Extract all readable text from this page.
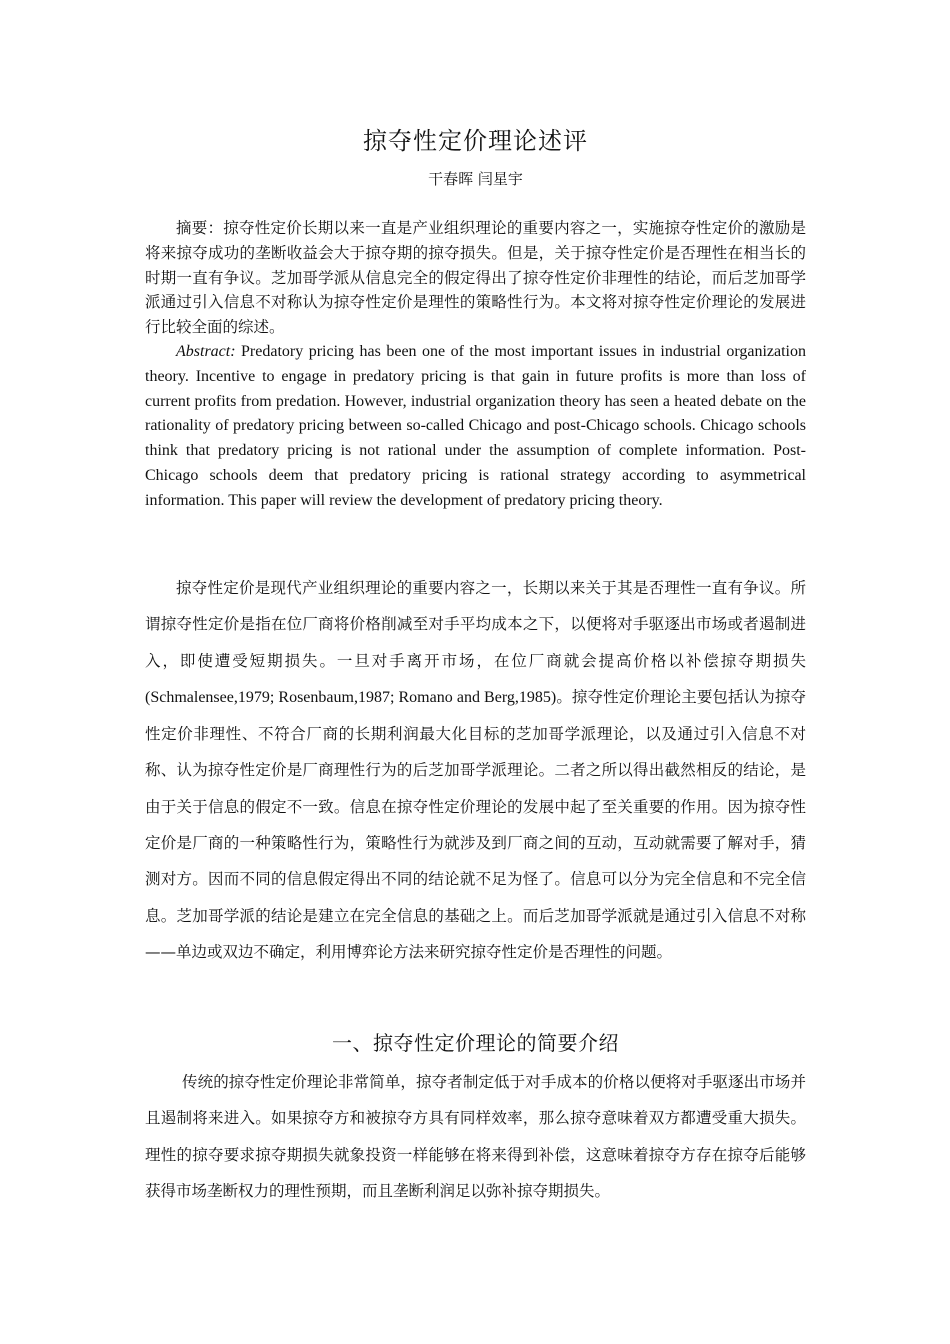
掠夺性定价理论述评

干春晖 闫星宇

摘要：掠夺性定价长期以来一直是产业组织理论的重要内容之一，实施掠夺性定价的激励是将来掠夺成功的垄断收益会大于掠夺期的掠夺损失。但是，关于掠夺性定价是否理性在相当长的时期一直有争议。芝加哥学派从信息完全的假定得出了掠夺性定价非理性的结论，而后芝加哥学派通过引入信息不对称认为掠夺性定价是理性的策略性行为。本文将对掠夺性定价理论的发展进行比较全面的综述。

Abstract: Predatory pricing has been one of the most important issues in industrial organization theory. Incentive to engage in predatory pricing is that gain in future profits is more than loss of current profits from predation. However, industrial organization theory has seen a heated debate on the rationality of predatory pricing between so-called Chicago and post-Chicago schools. Chicago schools think that predatory pricing is not rational under the assumption of complete information. Post-Chicago schools deem that predatory pricing is rational strategy according to asymmetrical information. This paper will review the development of predatory pricing theory.

掠夺性定价是现代产业组织理论的重要内容之一，长期以来关于其是否理性一直有争议。所谓掠夺性定价是指在位厂商将价格削减至对手平均成本之下，以便将对手驱逐出市场或者遏制进入，即使遭受短期损失。一旦对手离开市场，在位厂商就会提高价格以补偿掠夺期损失(Schmalensee,1979; Rosenbaum,1987; Romano and Berg,1985)。掠夺性定价理论主要包括认为掠夺性定价非理性、不符合厂商的长期利润最大化目标的芝加哥学派理论，以及通过引入信息不对称、认为掠夺性定价是厂商理性行为的后芝加哥学派理论。二者之所以得出截然相反的结论，是由于关于信息的假定不一致。信息在掠夺性定价理论的发展中起了至关重要的作用。因为掠夺性定价是厂商的一种策略性行为，策略性行为就涉及到厂商之间的互动，互动就需要了解对手，猜测对方。因而不同的信息假定得出不同的结论就不足为怪了。信息可以分为完全信息和不完全信息。芝加哥学派的结论是建立在完全信息的基础之上。而后芝加哥学派就是通过引入信息不对称——单边或双边不确定，利用博弈论方法来研究掠夺性定价是否理性的问题。

一、掠夺性定价理论的简要介绍

传统的掠夺性定价理论非常简单，掠夺者制定低于对手成本的价格以便将对手驱逐出市场并且遏制将来进入。如果掠夺方和被掠夺方具有同样效率，那么掠夺意味着双方都遭受重大损失。理性的掠夺要求掠夺期损失就象投资一样能够在将来得到补偿，这意味着掠夺方存在掠夺后能够获得市场垄断权力的理性预期，而且垄断利润足以弥补掠夺期损失。
